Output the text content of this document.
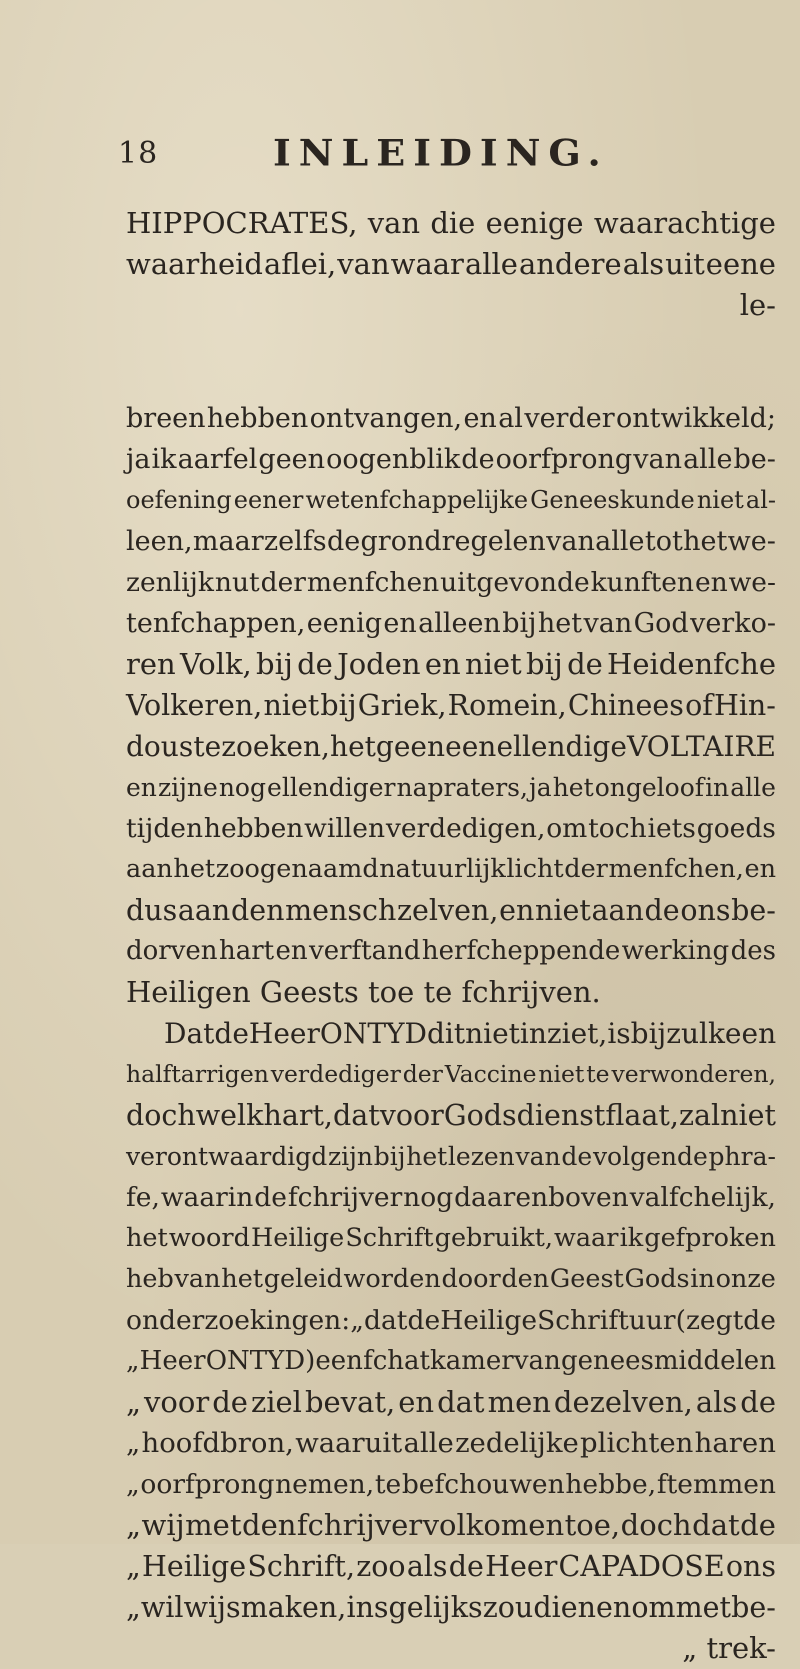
18	INLEIDING.
HIPPOCRATES, van die eenige waarachtige
waarheid aflei, van waar alle andere als uit eene
le-
breen hebben ontvangen, en al verder ontwikkeld;
ja ik aarfel geen oogenblik de oorfprong van alle be-
oefening eener wetenfchappelijke Geneeskunde niet al-
leen, maar zelfs de grondregelen van alle tot het we-
zenlijk nut der menfchen uitgevonde kunften en we-
tenfchappen, eenig en alleen bij het van God verko-
ren Volk, bij de Joden en niet bij de Heidenfche
Volkeren, niet bij Griek, Romein, Chinees of Hin-
dous te zoeken, hetgeen een ellendige VOLTAIRE
en zijne nog ellendiger napraters, ja het ongeloof in alle
tijden hebben willen verdedigen, om toch iets goeds
aan het zoogenaamd natuurlijk licht der menfchen, en
dus aan den mensch zelven, en niet aan de ons be-
dorven hart en verftand herfcheppende werking des
Heiligen Geests toe te fchrijven.
Dat de Heer ONTYD dit niet inziet, is bij zulk een
halftarrigen verdediger der Vaccine niet te verwonderen,
doch welk hart, dat voor Godsdienst flaat, zal niet
verontwaardigd zijn bij het lezen van de volgende phra-
fe, waarin de fchrijver nog daarenboven valfchelijk,
het woord Heilige Schrift gebruikt, waar ik gefproken
heb van het geleid worden door den Geest Gods in onze
onderzoekingen: „ dat de Heilige Schriftuur (zegt de
„ Heer ONTYD) een fchatkamer van geneesmiddelen
„ voor de ziel bevat, en dat men dezelven, als de
„ hoofdbron, waaruit alle zedelijke plichten haren
„ oorfprong nemen, te befchouwen hebbe, ftemmen
„ wij met den fchrijver volkomen toe, doch dat de
„ Heilige Schrift, zoo als de Heer CAPADOSE ons
„ wil wijs maken, insgelijks zou dienen om met be-
„ trek-
